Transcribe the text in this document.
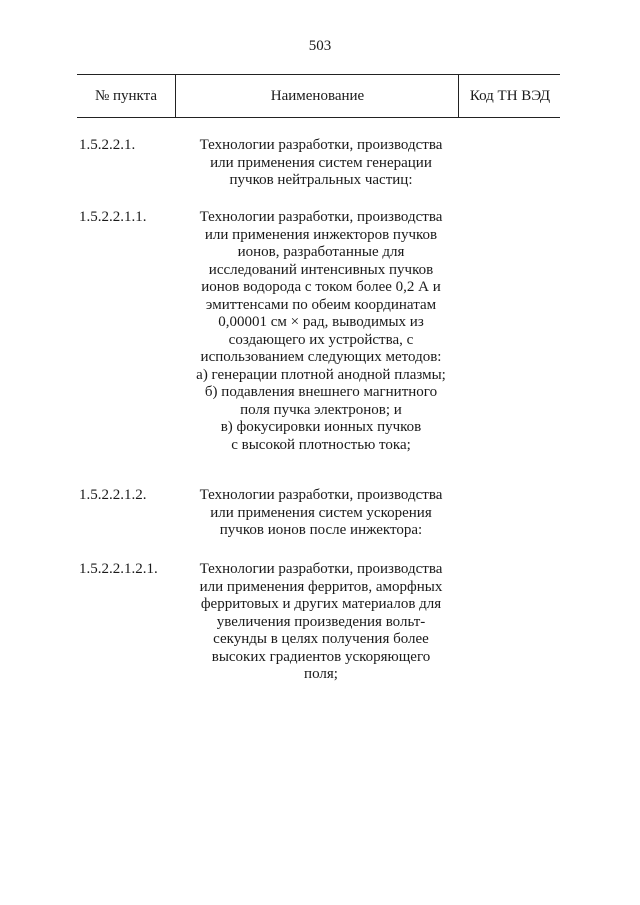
503
№ пункта	Наименование	Код ТН ВЭД
1.5.2.2.1.	Технологии разработки, производства
или применения систем генерации
пучков нейтральных частиц:
1.5.2.2.1.1.	Технологии разработки, производства
или применения инжекторов пучков
ионов, разработанные для
исследований интенсивных пучков
ионов водорода с током более 0,2 А и
эмиттенсами по обеим координатам
0,00001 см × рад, выводимых из
создающего их устройства, с
использованием следующих методов:
а) генерации плотной анодной плазмы;
б) подавления внешнего магнитного
поля пучка электронов; и
в) фокусировки ионных пучков
с высокой плотностью тока;
1.5.2.2.1.2.	Технологии разработки, производства
или применения систем ускорения
пучков ионов после инжектора:
1.5.2.2.1.2.1.	Технологии разработки, производства
или применения ферритов, аморфных
ферритовых и других материалов для
увеличения произведения вольт-
секунды в целях получения более
высоких градиентов ускоряющего
поля;
